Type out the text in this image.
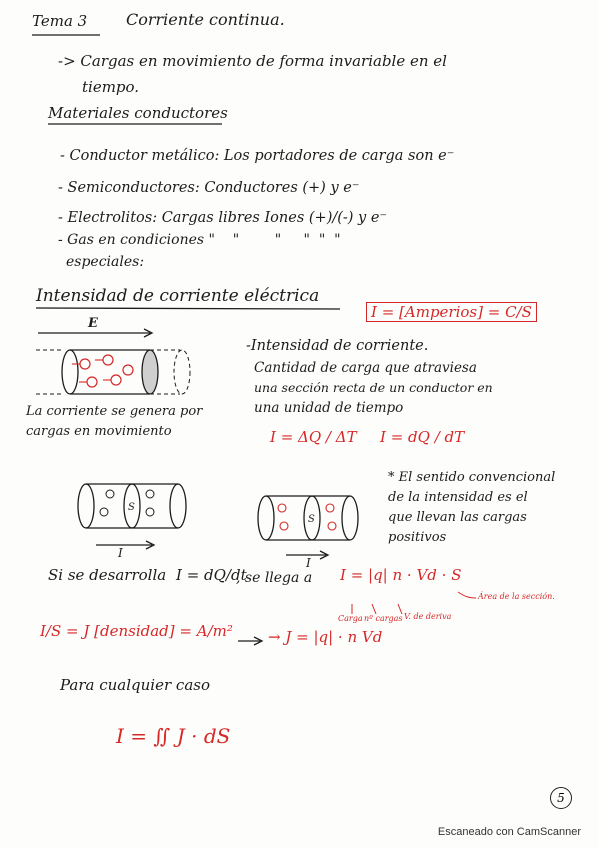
S
S
Tema 3 Corriente continua.
-> Cargas en movimiento de forma invariable en el
tiempo.
Materiales conductores
- Conductor metálico: Los portadores de carga son e⁻
- Semiconductores: Conductores (+) y e⁻
- Electrolitos: Cargas libres Iones (+)/(-) y e⁻
- Gas en condiciones "    "        "     "  "  "
especiales:
Intensidad de corriente eléctrica
I = [Amperios] = C/S
E
La corriente se genera por
cargas en movimiento
-Intensidad de corriente.
Cantidad de carga que atraviesa
una sección recta de un conductor en
una unidad de tiempo
I = ΔQ / ΔT I = dQ / dT
* El sentido convencional
de la intensidad es el
que llevan las cargas
positivos
I
I
Si se desarrolla I = dQ/dt
, se llega a I = |q| n · Vd · S
Área de la sección.
Carga nº cargas V. de deriva
I/S = J [densidad] = A/m² → J = |q| · n Vd
Para cualquier caso
I = ∬ J · dS
5
Escaneado con CamScanner
